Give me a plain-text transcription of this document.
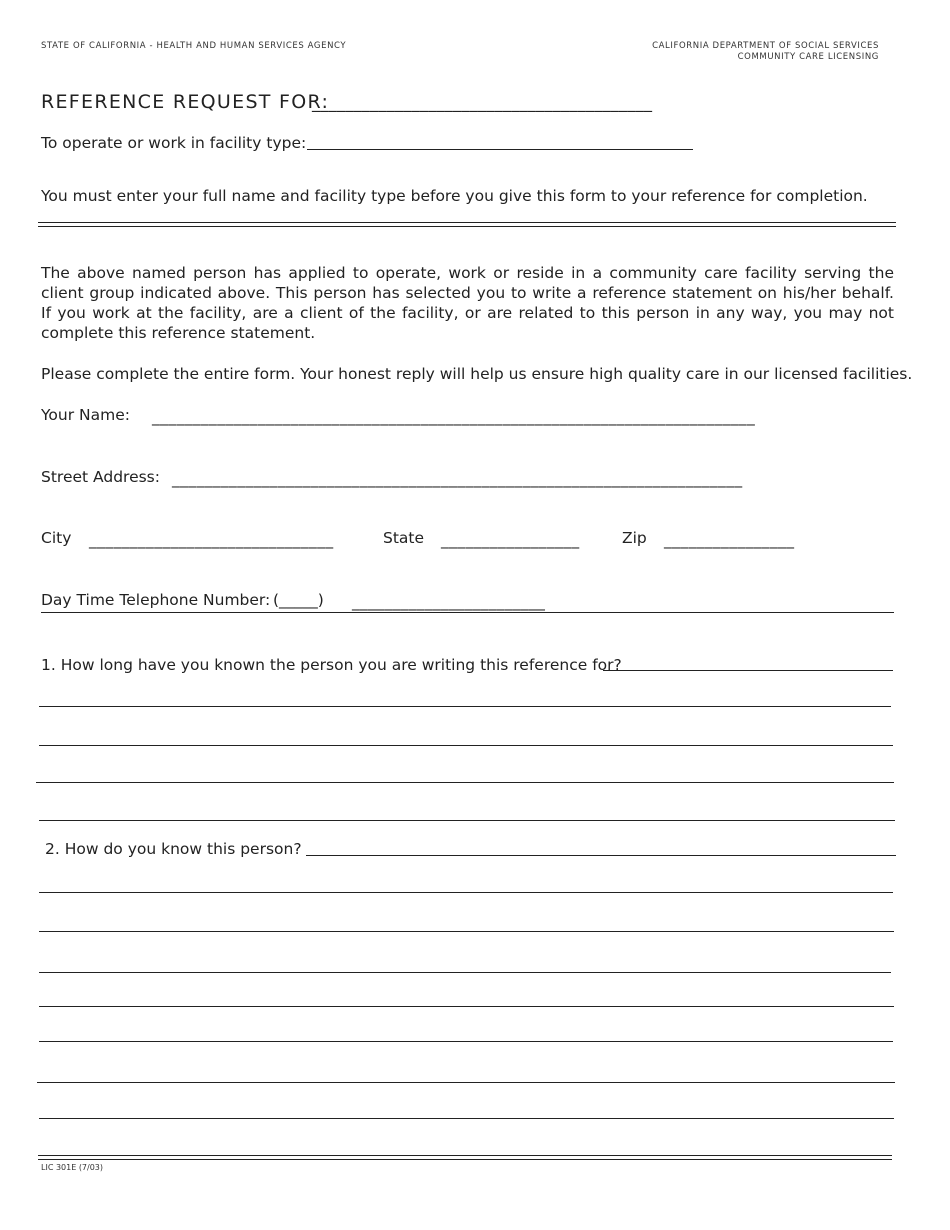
STATE OF CALIFORNIA - HEALTH AND HUMAN SERVICES AGENCY	CALIFORNIA DEPARTMENT OF SOCIAL SERVICES
COMMUNITY CARE LICENSING
REFERENCE REQUEST FOR:
_________________________________________
To operate or work in facility type:
You must enter your full name and facility type before you give this form to your reference for completion.
The above named person has applied to operate, work or reside in a community care facility serving the client group indicated above. This person has selected you to write a reference statement on his/her behalf. If you work at the facility, are a client of the facility, or are related to this person in any way, you may not complete this reference statement.
Please complete the entire form. Your honest reply will help us ensure high quality care in our licensed facilities.
Your Name: __________________________________________________________________________
Street Address: ______________________________________________________________________
City ______________________________	State _________________	Zip ________________
Day Time Telephone Number: (_____) ________________________
1. How long have you known the person you are writing this reference for?
2. How do you know this person?
LIC 301E (7/03)
